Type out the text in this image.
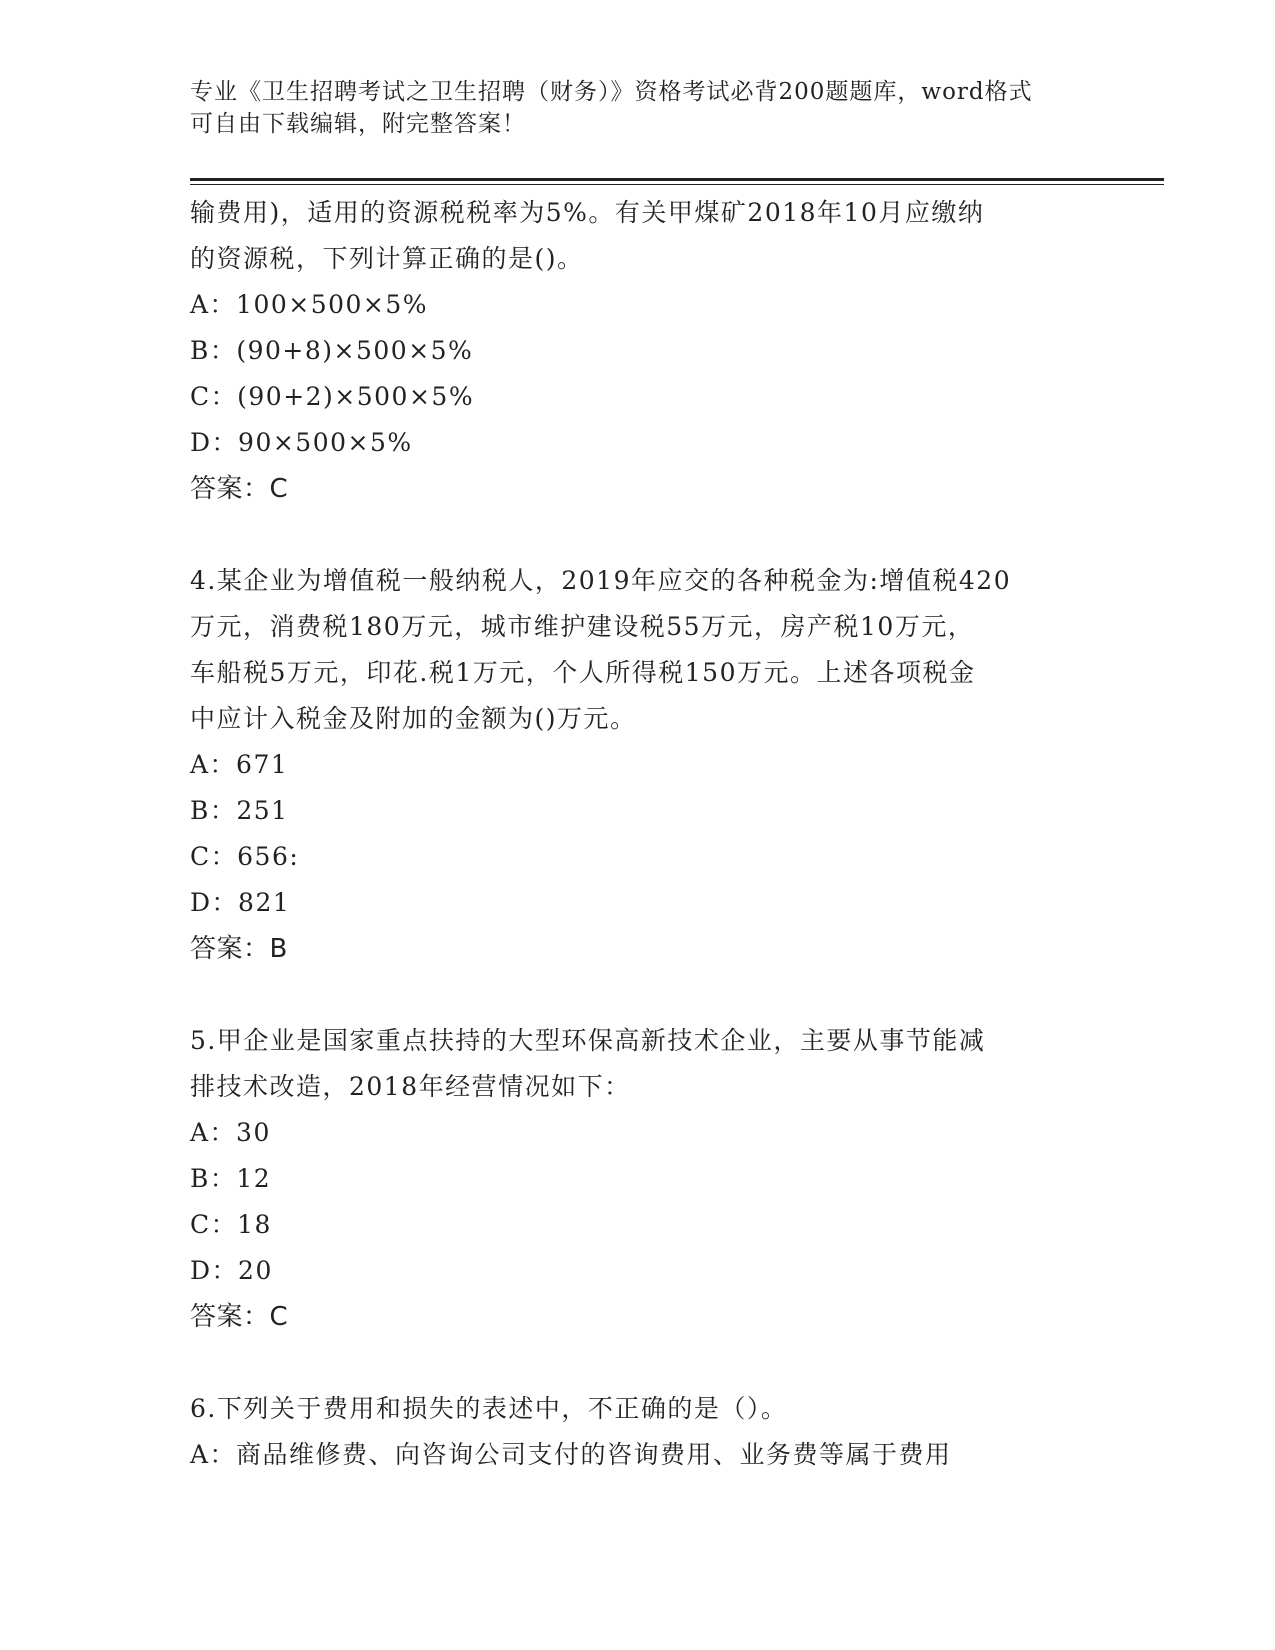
专业《卫生招聘考试之卫生招聘（财务）》资格考试必背200题题库，word格式
可自由下载编辑，附完整答案！
输费用)，适用的资源税税率为5%。有关甲煤矿2018年10月应缴纳
的资源税，下列计算正确的是()。
A：100×500×5%
B：(90+8)×500×5%
C：(90+2)×500×5%
D：90×500×5%
答案：C
4.某企业为增值税一般纳税人，2019年应交的各种税金为:增值税420
万元，消费税180万元，城市维护建设税55万元，房产税10万元，
车船税5万元，印花.税1万元，个人所得税150万元。上述各项税金
中应计入税金及附加的金额为()万元。
A：671
B：251
C：656:
D：821
答案：B
5.甲企业是国家重点扶持的大型环保高新技术企业，主要从事节能减
排技术改造，2018年经营情况如下：
A：30
B：12
C：18
D：20
答案：C
6.下列关于费用和损失的表述中，不正确的是（）。
A：商品维修费、向咨询公司支付的咨询费用、业务费等属于费用
